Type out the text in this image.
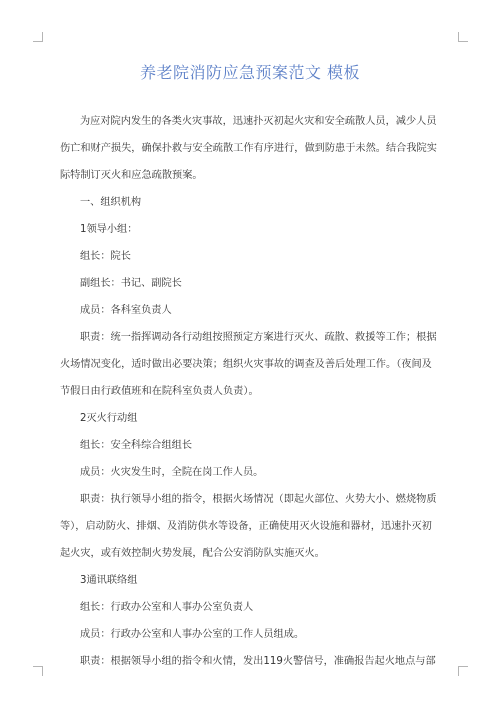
养老院消防应急预案范文 模板

为应对院内发生的各类火灾事故，迅速扑灭初起火灾和安全疏散人员，减少人员

伤亡和财产损失，确保扑救与安全疏散工作有序进行，做到防患于未然。结合我院实

际特制订灭火和应急疏散预案。

一、组织机构

1领导小组：

组长：院长

副组长：书记、副院长

成员：各科室负责人

职责：统一指挥调动各行动组按照预定方案进行灭火、疏散、救援等工作；根据

火场情况变化，适时做出必要决策；组织火灾事故的调查及善后处理工作。（夜间及

节假日由行政值班和在院科室负责人负责）。

2灭火行动组

组长：安全科综合组组长

成员：火灾发生时，全院在岗工作人员。

职责：执行领导小组的指令，根据火场情况（即起火部位、火势大小、燃烧物质

等），启动防火、排烟、及消防供水等设备，正确使用灭火设施和器材，迅速扑灭初

起火灾，或有效控制火势发展，配合公安消防队实施灭火。

3通讯联络组

组长：行政办公室和人事办公室负责人

成员：行政办公室和人事办公室的工作人员组成。

职责：根据领导小组的指令和火情，发出119火警信号，准确报告起火地点与部
